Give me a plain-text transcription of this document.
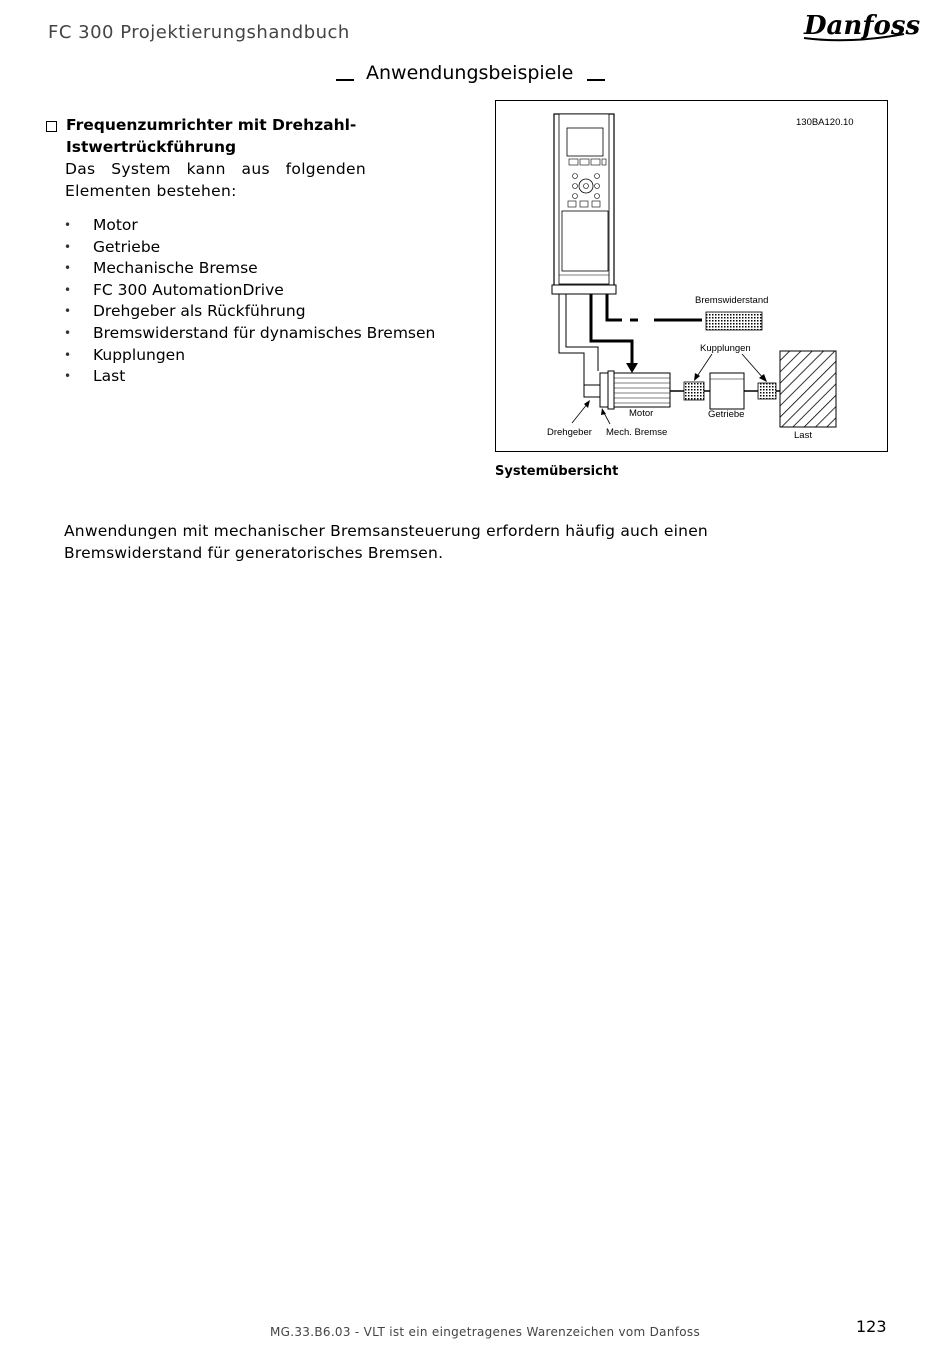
FC 300 Projektierungshandbuch	Danfoss
Anwendungsbeispiele
Frequenzumrichter mit Drehzahl-Istwertrückführung
Das System kann aus folgenden Elementen bestehen:
•	Motor
•	Getriebe
•	Mechanische Bremse
•	FC 300 AutomationDrive
•	Drehgeber als Rückführung
•	Bremswiderstand für dynamisches Bremsen
•	Kupplungen
•	Last
130BA120.10
Bremswiderstand
Kupplungen
Motor	Getriebe
Drehgeber Mech. Bremse	Last
Systemübersicht
Anwendungen mit mechanischer Bremsansteuerung erfordern häufig auch einen Bremswiderstand für generatorisches Bremsen.
MG.33.B6.03 - VLT ist ein eingetragenes Warenzeichen vom Danfoss	123
